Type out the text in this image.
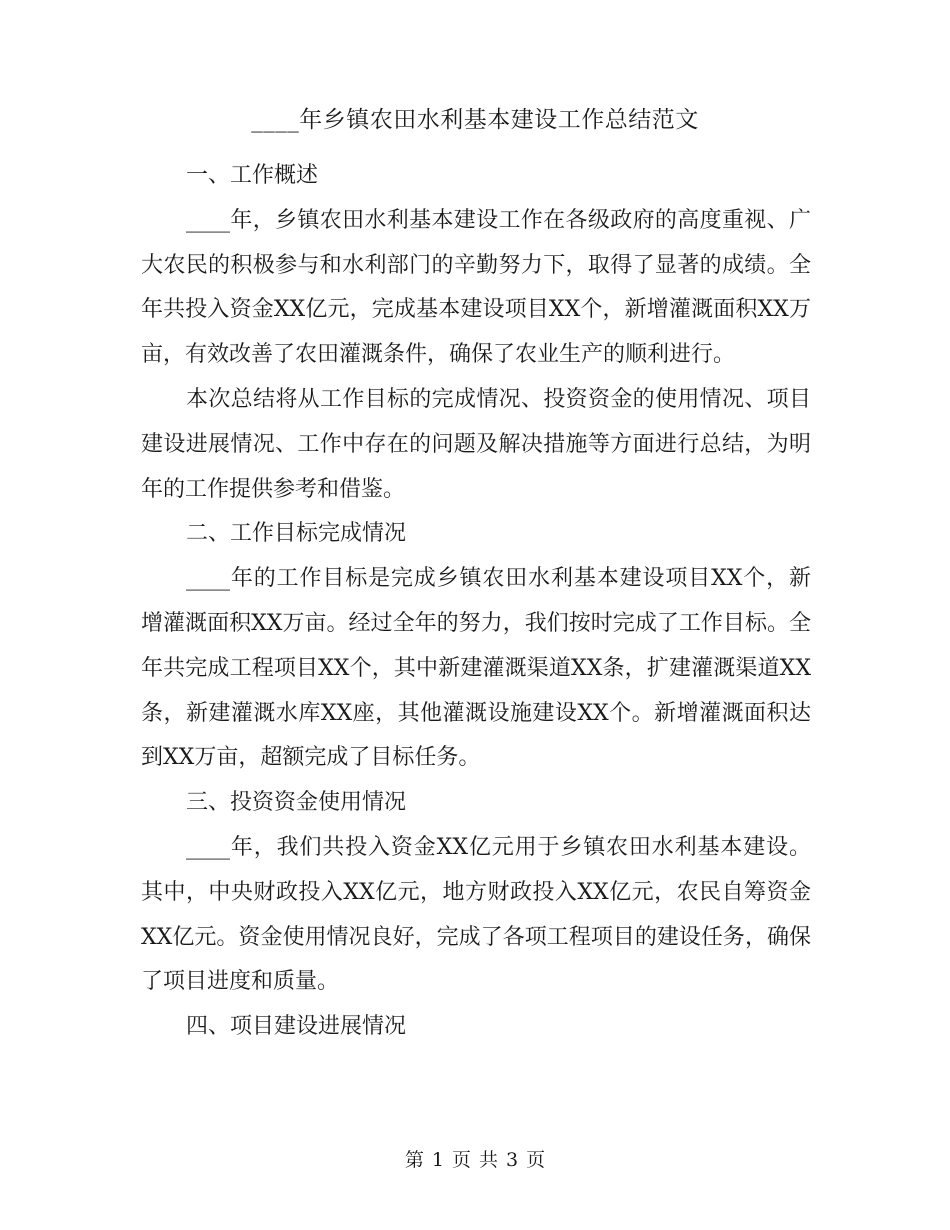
____年乡镇农田水利基本建设工作总结范文

一、工作概述

____年，乡镇农田水利基本建设工作在各级政府的高度重视、广大农民的积极参与和水利部门的辛勤努力下，取得了显著的成绩。全年共投入资金XX亿元，完成基本建设项目XX个，新增灌溉面积XX万亩，有效改善了农田灌溉条件，确保了农业生产的顺利进行。

本次总结将从工作目标的完成情况、投资资金的使用情况、项目建设进展情况、工作中存在的问题及解决措施等方面进行总结，为明年的工作提供参考和借鉴。

二、工作目标完成情况

____年的工作目标是完成乡镇农田水利基本建设项目XX个，新增灌溉面积XX万亩。经过全年的努力，我们按时完成了工作目标。全年共完成工程项目XX个，其中新建灌溉渠道XX条，扩建灌溉渠道XX条，新建灌溉水库XX座，其他灌溉设施建设XX个。新增灌溉面积达到XX万亩，超额完成了目标任务。

三、投资资金使用情况

____年，我们共投入资金XX亿元用于乡镇农田水利基本建设。其中，中央财政投入XX亿元，地方财政投入XX亿元，农民自筹资金XX亿元。资金使用情况良好，完成了各项工程项目的建设任务，确保了项目进度和质量。

四、项目建设进展情况

第 1 页 共 3 页
